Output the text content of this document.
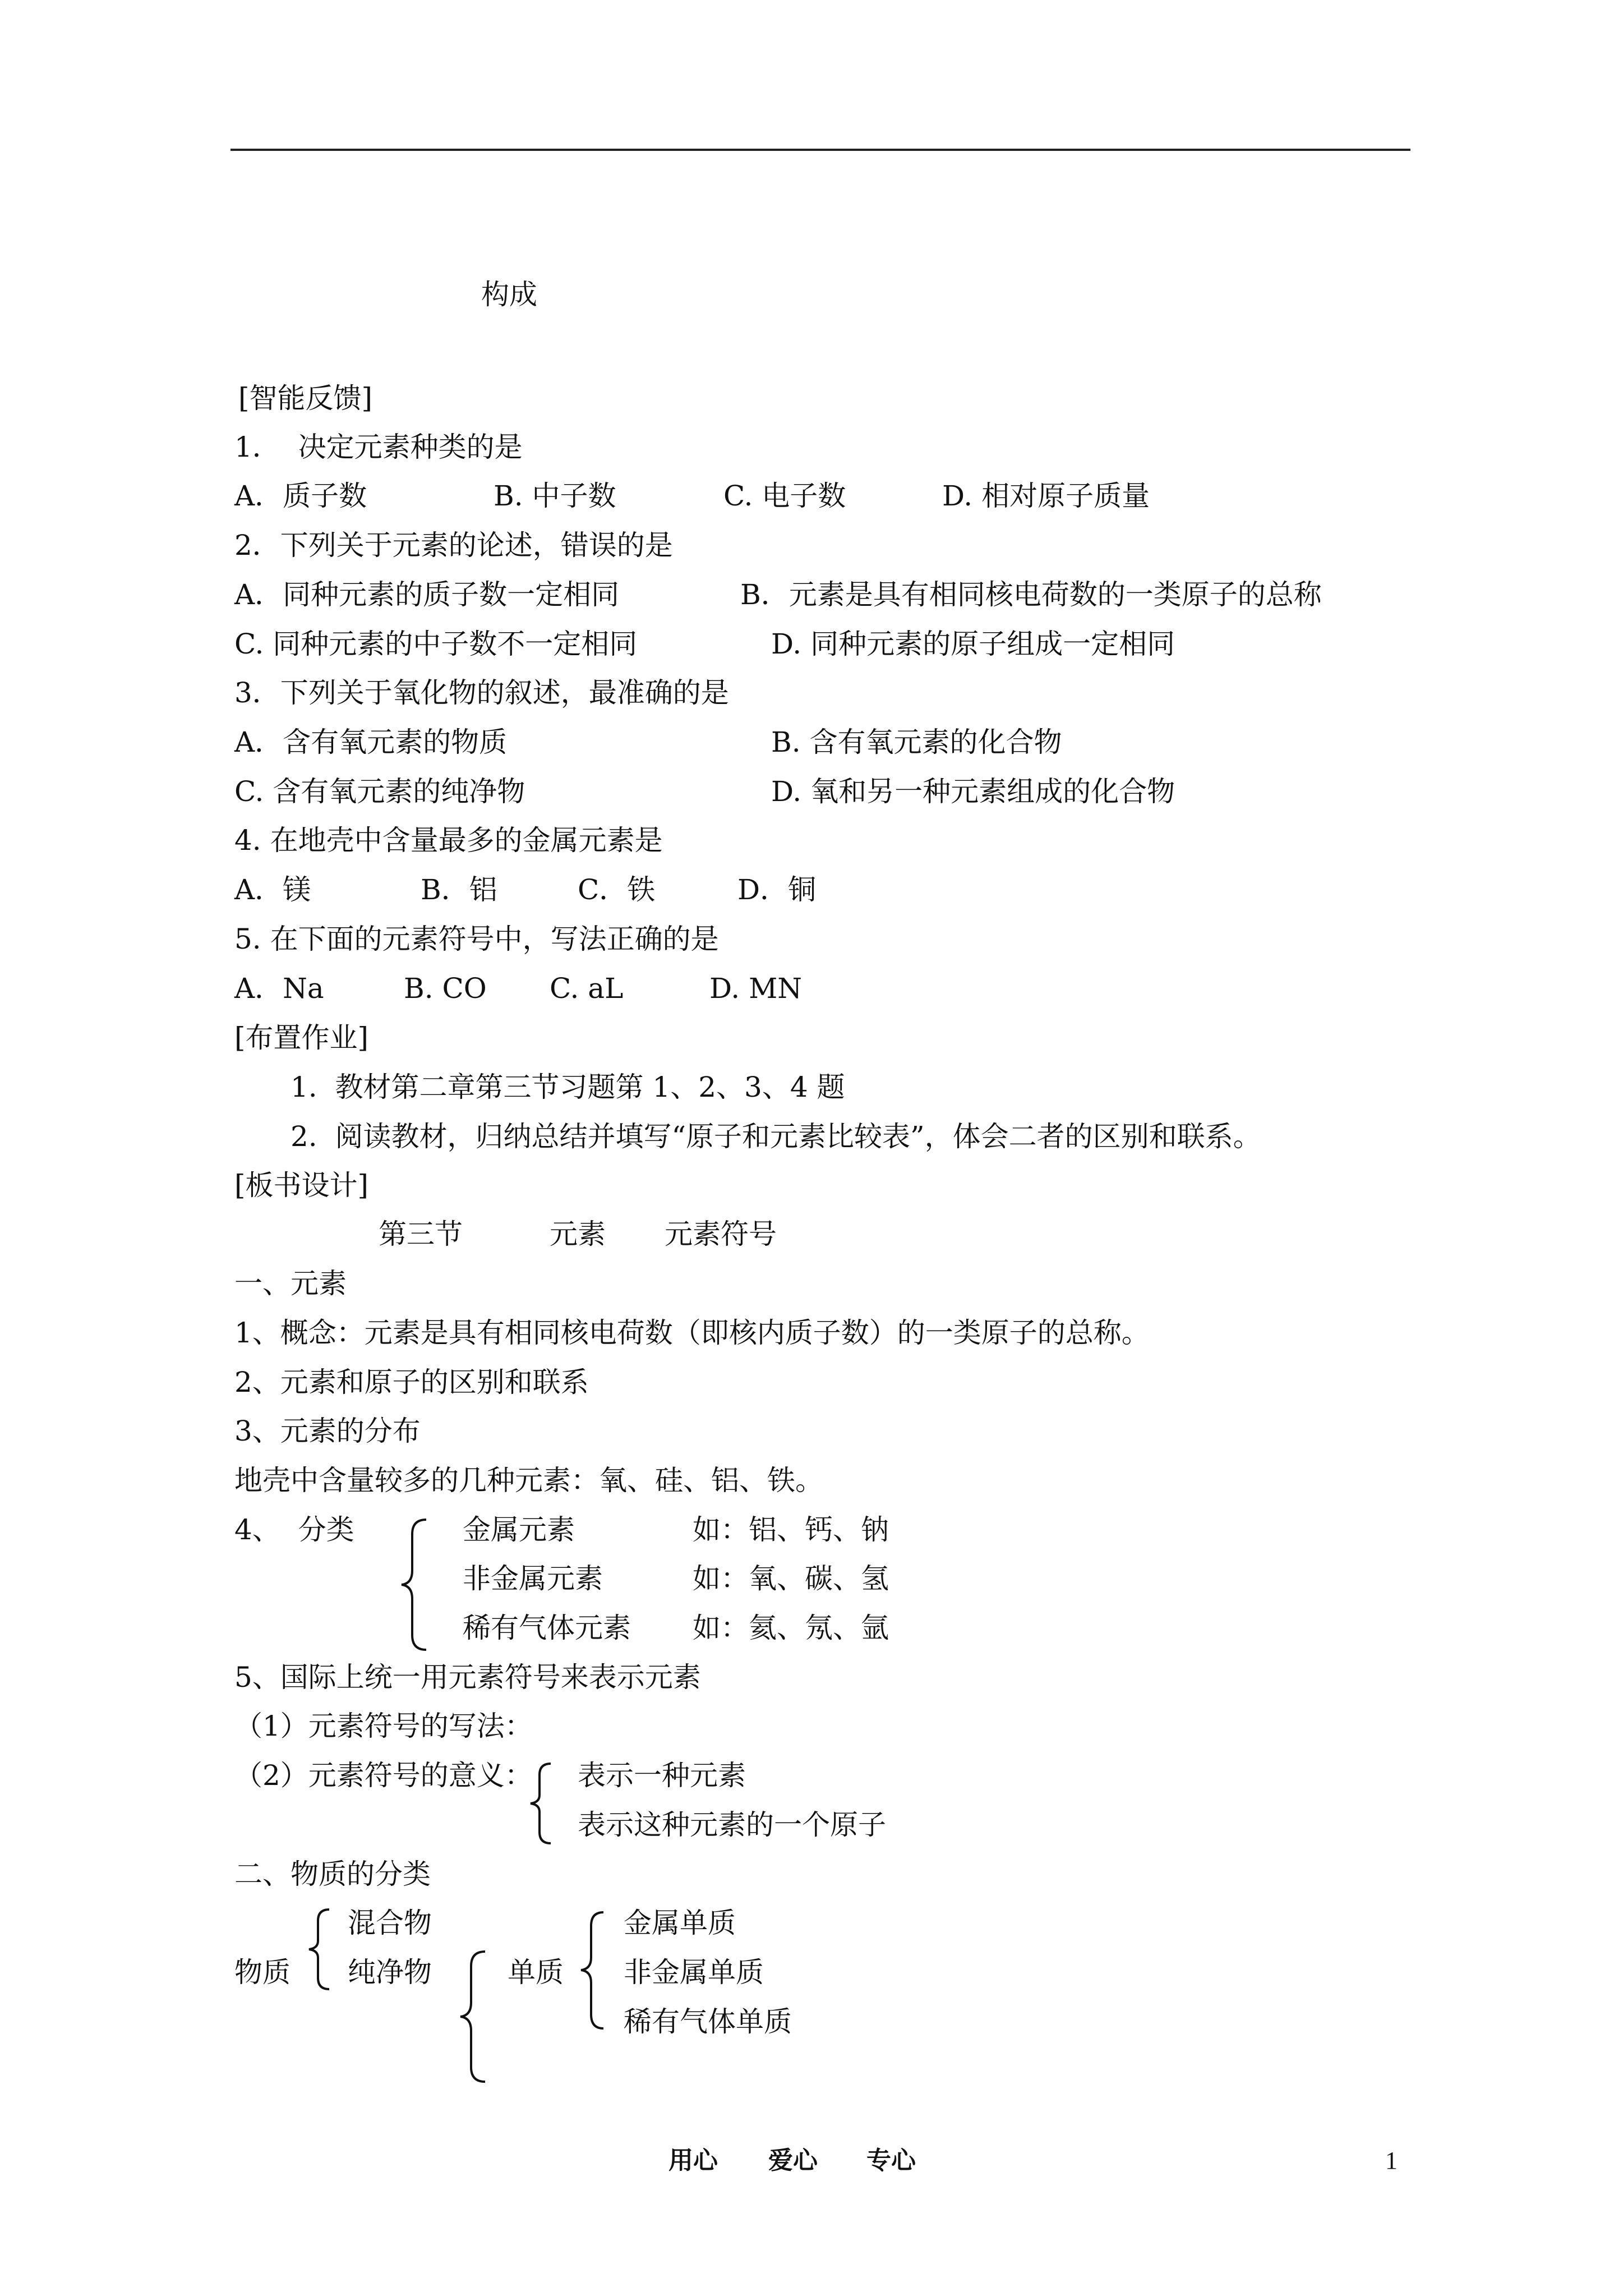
构成
[智能反馈]
1．  决定元素种类的是
A．质子数	B. 中子数	C. 电子数	D. 相对原子质量
2．下列关于元素的论述，错误的是
A．同种元素的质子数一定相同	B．元素是具有相同核电荷数的一类原子的总称
C. 同种元素的中子数不一定相同	D. 同种元素的原子组成一定相同
3．下列关于氧化物的叙述，最准确的是
A．含有氧元素的物质	B. 含有氧元素的化合物
C. 含有氧元素的纯净物	D. 氧和另一种元素组成的化合物
4. 在地壳中含量最多的金属元素是
A．镁	B．铝	C．铁	D．铜
5. 在下面的元素符号中，写法正确的是
A．Na	B. CO C. aL	D. MN
[布置作业]
1.  教材第二章第三节习题第 1、2、3、4 题
2.  阅读教材，归纳总结并填写“原子和元素比较表”，体会二者的区别和联系。
[板书设计]
第三节	元素 元素符号
一、元素
1、概念：元素是具有相同核电荷数（即核内质子数）的一类原子的总称。
2、元素和原子的区别和联系
3、元素的分布
地壳中含量较多的几种元素：氧、硅、铝、铁。
4、  分类	金属元素	如：铝、钙、钠
非金属元素	如：氧、碳、氢
稀有气体元素 如：氦、氖、氩
5、国际上统一用元素符号来表示元素
（1）元素符号的写法：
（2）元素符号的意义： 表示一种元素
表示这种元素的一个原子
二、物质的分类
物质
混合物
纯净物	单质
金属单质
非金属单质
稀有气体单质
用心 爱心 专心	1
